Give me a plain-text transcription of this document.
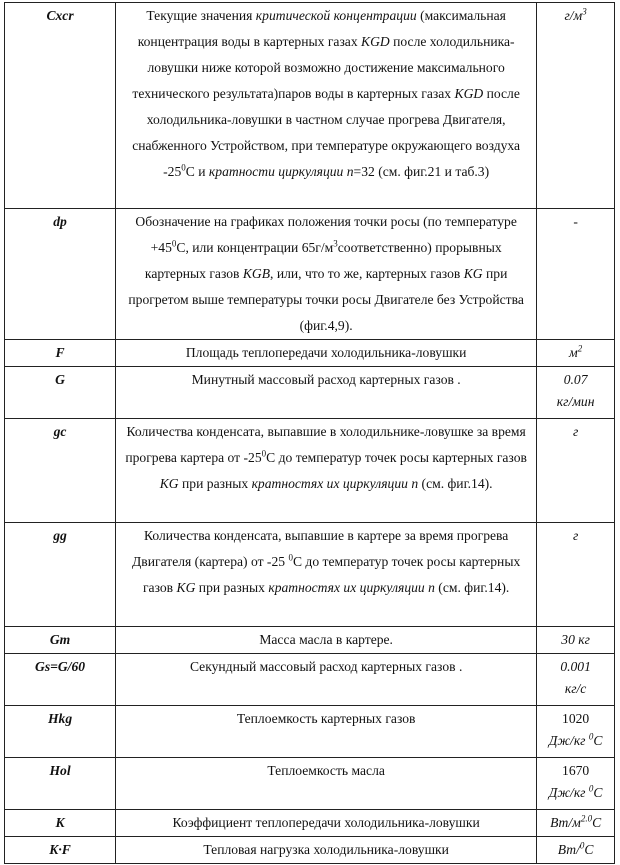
Cxcr	Текущие значения критической концентрации (максимальная концентрация воды в картерных газах KGD после холодильника-ловушки ниже которой возможно достижение максимального технического результата)паров воды в картерных газах KGD после холодильника-ловушки в частном случае прогрева Двигателя, снабженного Устройством, при температуре окружающего воздуха $-25^0С$ и кратности циркуляции n=32 (см. фиг.21 и таб.3)	$г/м^3$
dp	Обозначение на графиках положения точки росы (по температуре $+45^0С$, или концентрации $65г/м^3соответственно$) прорывных картерных газов KGB, или, что то же, картерных газов KG при прогретом выше температуры точки росы Двигателе без Устройства (фиг.4,9).	-
F	Площадь теплопередачи холодильника-ловушки	$м^2$
G	Минутный массовый расход картерных газов .	0.07
кг/мин
gc	Количества конденсата, выпавшие в холодильнике-ловушке за время прогрева картера от $-25^0С$ до температур точек росы картерных газов KG при разных кратностях их циркуляции n (см. фиг.14).	г
gg	Количества конденсата, выпавшие в картере за время прогрева Двигателя (картера) от -25 $^0$С до температур точек росы картерных газов KG при разных кратностях их циркуляции n (см. фиг.14).	г
Gm	Масса масла в картере.	30 кг
Gs=G/60	Секундный массовый расход картерных газов .	0.001
кг/с
Hkg	Теплоемкость картерных газов	1020
Дж/кг $^0$С
Hol	Теплоемкость масла	1670
Дж/кг $^0$С
K	Коэффициент теплопередачи холодильника-ловушки	$Вт/м^{2.0}С$
K·F	Тепловая нагрузка холодильника-ловушки	Вт/$^0$С
